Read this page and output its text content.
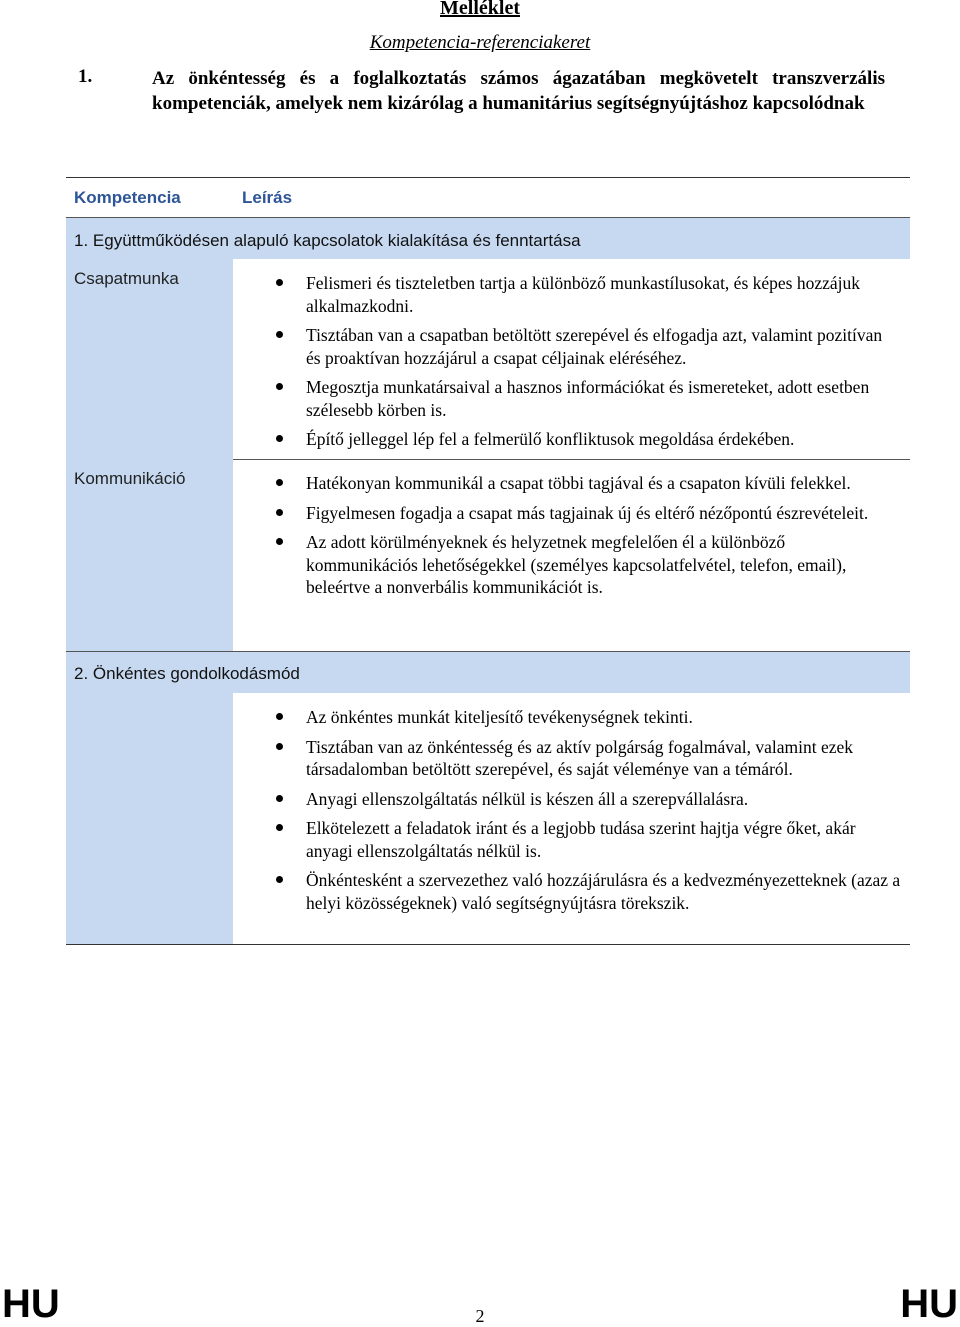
Melléklet
Kompetencia-referenciakeret
1.	Az önkéntesség és a foglalkoztatás számos ágazatában megkövetelt transzverzális kompetenciák, amelyek nem kizárólag a humanitárius segítségnyújtáshoz kapcsolódnak
Kompetencia	Leírás
1. Együttműködésen alapuló kapcsolatok kialakítása és fenntartása
Csapatmunka	Felismeri és tiszteletben tartja a különböző munkastílusokat, és képes hozzájuk alkalmazkodni.
Tisztában van a csapatban betöltött szerepével és elfogadja azt, valamint pozitívan és proaktívan hozzájárul a csapat céljainak eléréséhez.
Megosztja munkatársaival a hasznos információkat és ismereteket, adott esetben szélesebb körben is.
Építő jelleggel lép fel a felmerülő konfliktusok megoldása érdekében.
Kommunikáció	Hatékonyan kommunikál a csapat többi tagjával és a csapaton kívüli felekkel.
Figyelmesen fogadja a csapat más tagjainak új és eltérő nézőpontú észrevételeit.
Az adott körülményeknek és helyzetnek megfelelően él a különböző kommunikációs lehetőségekkel (személyes kapcsolatfelvétel, telefon, email), beleértve a nonverbális kommunikációt is.
2. Önkéntes gondolkodásmód
Az önkéntes munkát kiteljesítő tevékenységnek tekinti.
Tisztában van az önkéntesség és az aktív polgárság fogalmával, valamint ezek társadalomban betöltött szerepével, és saját véleménye van a témáról.
Anyagi ellenszolgáltatás nélkül is készen áll a szerepvállalásra.
Elkötelezett a feladatok iránt és a legjobb tudása szerint hajtja végre őket, akár anyagi ellenszolgáltatás nélkül is.
Önkéntesként a szervezethez való hozzájárulásra és a kedvezményezetteknek (azaz a helyi közösségeknek) való segítségnyújtásra törekszik.
HU	2	HU
